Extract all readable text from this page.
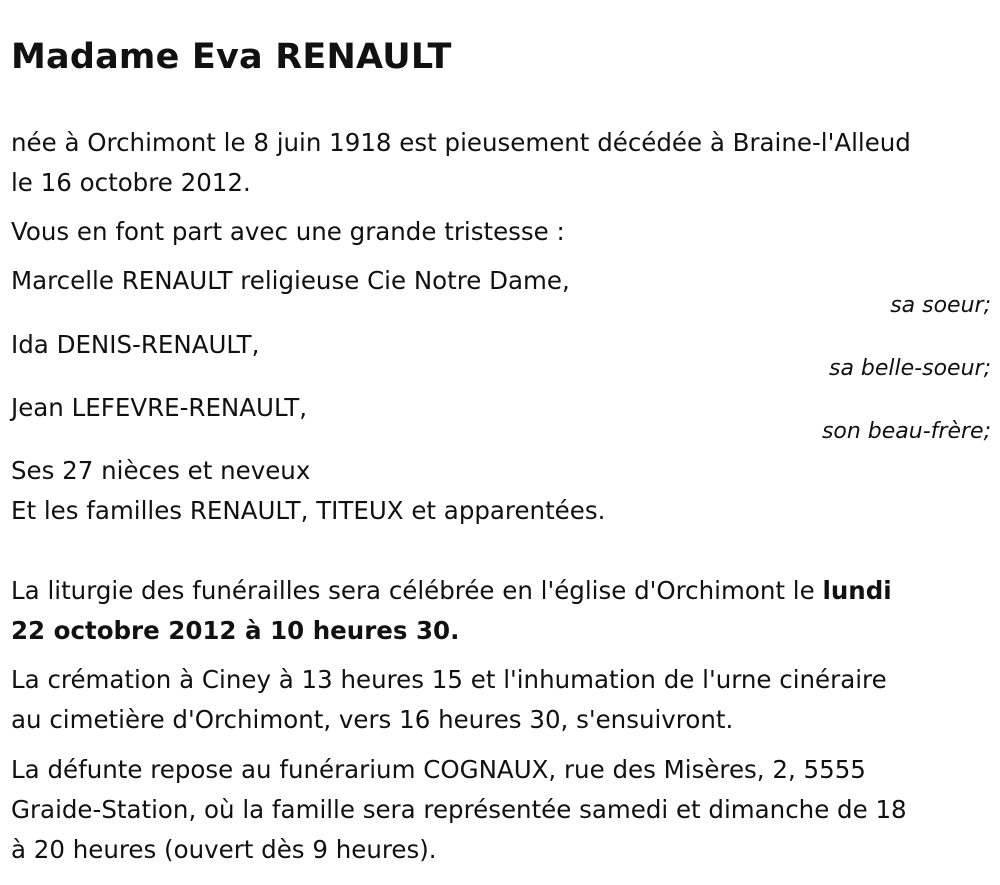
Madame Eva RENAULT

née à Orchimont le 8 juin 1918 est pieusement décédée à Braine-l'Alleud

le 16 octobre 2012.

Vous en font part avec une grande tristesse :

Marcelle RENAULT religieuse Cie Notre Dame,

sa soeur;

Ida DENIS-RENAULT,

sa belle-soeur;

Jean LEFEVRE-RENAULT,

son beau-frère;

Ses 27 nièces et neveux

Et les familles RENAULT, TITEUX et apparentées.

La liturgie des funérailles sera célébrée en l'église d'Orchimont le lundi

22 octobre 2012 à 10 heures 30.

La crémation à Ciney à 13 heures 15 et l'inhumation de l'urne cinéraire

au cimetière d'Orchimont, vers 16 heures 30, s'ensuivront.

La défunte repose au funérarium COGNAUX, rue des Misères, 2, 5555

Graide-Station, où la famille sera représentée samedi et dimanche de 18

à 20 heures (ouvert dès 9 heures).
